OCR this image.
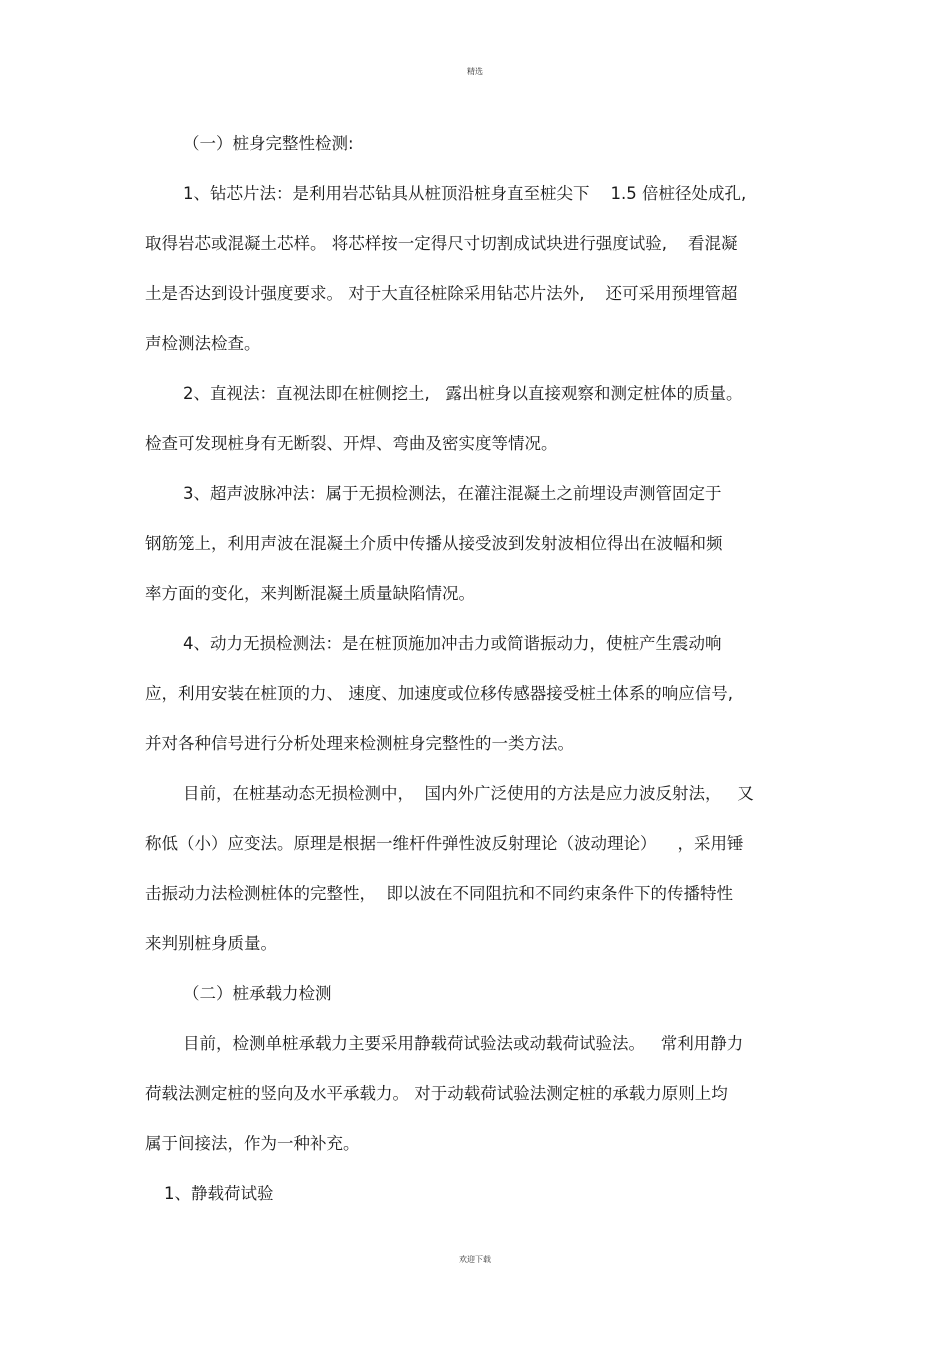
精选
（一）桩身完整性检测:
1、钻芯片法：是利用岩芯钻具从桩顶沿桩身直至桩尖下    1.5 倍桩径处成孔,
取得岩芯或混凝土芯样。 将芯样按一定得尺寸切割成试块进行强度试验,    看混凝
土是否达到设计强度要求。 对于大直径桩除采用钻芯片法外,    还可采用预埋管超
声检测法检查。
2、直视法：直视法即在桩侧挖土,   露出桩身以直接观察和测定桩体的质量。
检查可发现桩身有无断裂、开焊、弯曲及密实度等情况。
3、超声波脉冲法：属于无损检测法，在灌注混凝土之前埋设声测管固定于
钢筋笼上，利用声波在混凝土介质中传播从接受波到发射波相位得出在波幅和频
率方面的变化，来判断混凝土质量缺陷情况。
4、动力无损检测法：是在桩顶施加冲击力或简谐振动力，使桩产生震动响
应，利用安装在桩顶的力、 速度、加速度或位移传感器接受桩土体系的响应信号,
并对各种信号进行分析处理来检测桩身完整性的一类方法。
目前，在桩基动态无损检测中，  国内外广泛使用的方法是应力波反射法，   又
称低（小）应变法。原理是根据一维杆件弹性波反射理论（波动理论）    ，采用锤
击振动力法检测桩体的完整性，  即以波在不同阻抗和不同约束条件下的传播特性
来判别桩身质量。
（二）桩承载力检测
目前，检测单桩承载力主要采用静载荷试验法或动载荷试验法。   常利用静力
荷载法测定桩的竖向及水平承载力。 对于动载荷试验法测定桩的承载力原则上均
属于间接法，作为一种补充。
1、静载荷试验
欢迎下载
